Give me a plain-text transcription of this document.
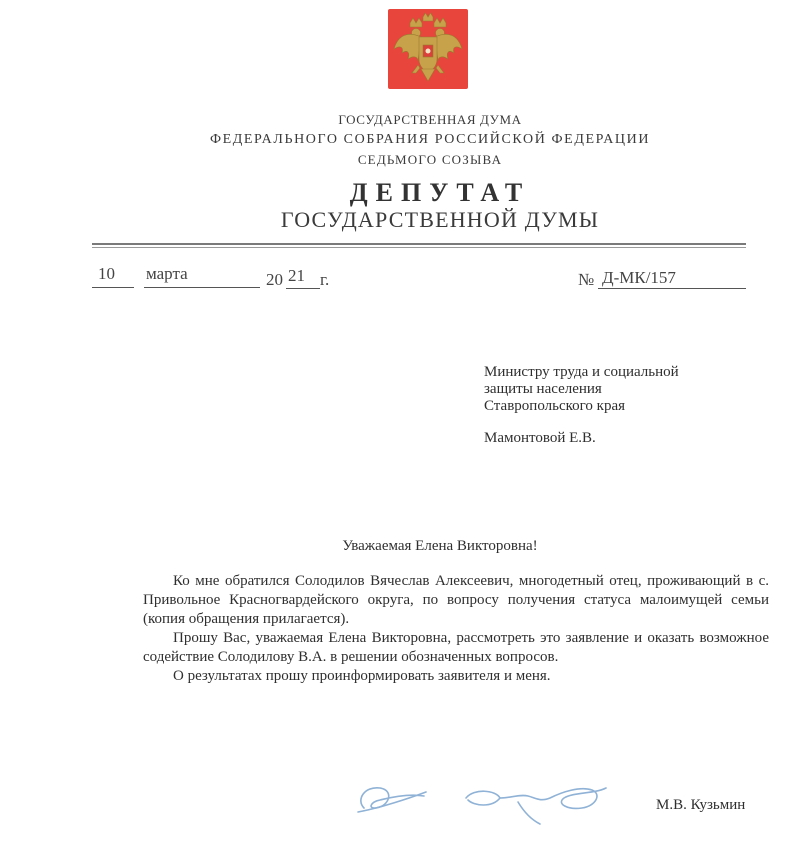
ГОСУДАРСТВЕННАЯ ДУМА
ФЕДЕРАЛЬНОГО СОБРАНИЯ РОССИЙСКОЙ ФЕДЕРАЦИИ
СЕДЬМОГО СОЗЫВА
ДЕПУТАТ
ГОСУДАРСТВЕННОЙ ДУМЫ
10 марта	20 21 г.	№ Д-МК/157
Министру труда и социальной
защиты населения
Ставропольского края
Мамонтовой Е.В.
Уважаемая Елена Викторовна!

Ко мне обратился Солодилов Вячеслав Алексеевич, многодетный отец, проживающий в с. Привольное Красногвардейского округа, по вопросу получения статуса малоимущей семьи (копия обращения прилагается).

Прошу Вас, уважаемая Елена Викторовна, рассмотреть это заявление и оказать возможное содействие Солодилову В.А. в решении обозначенных вопросов.

О результатах прошу проинформировать заявителя и меня.

М.В. Кузьмин
